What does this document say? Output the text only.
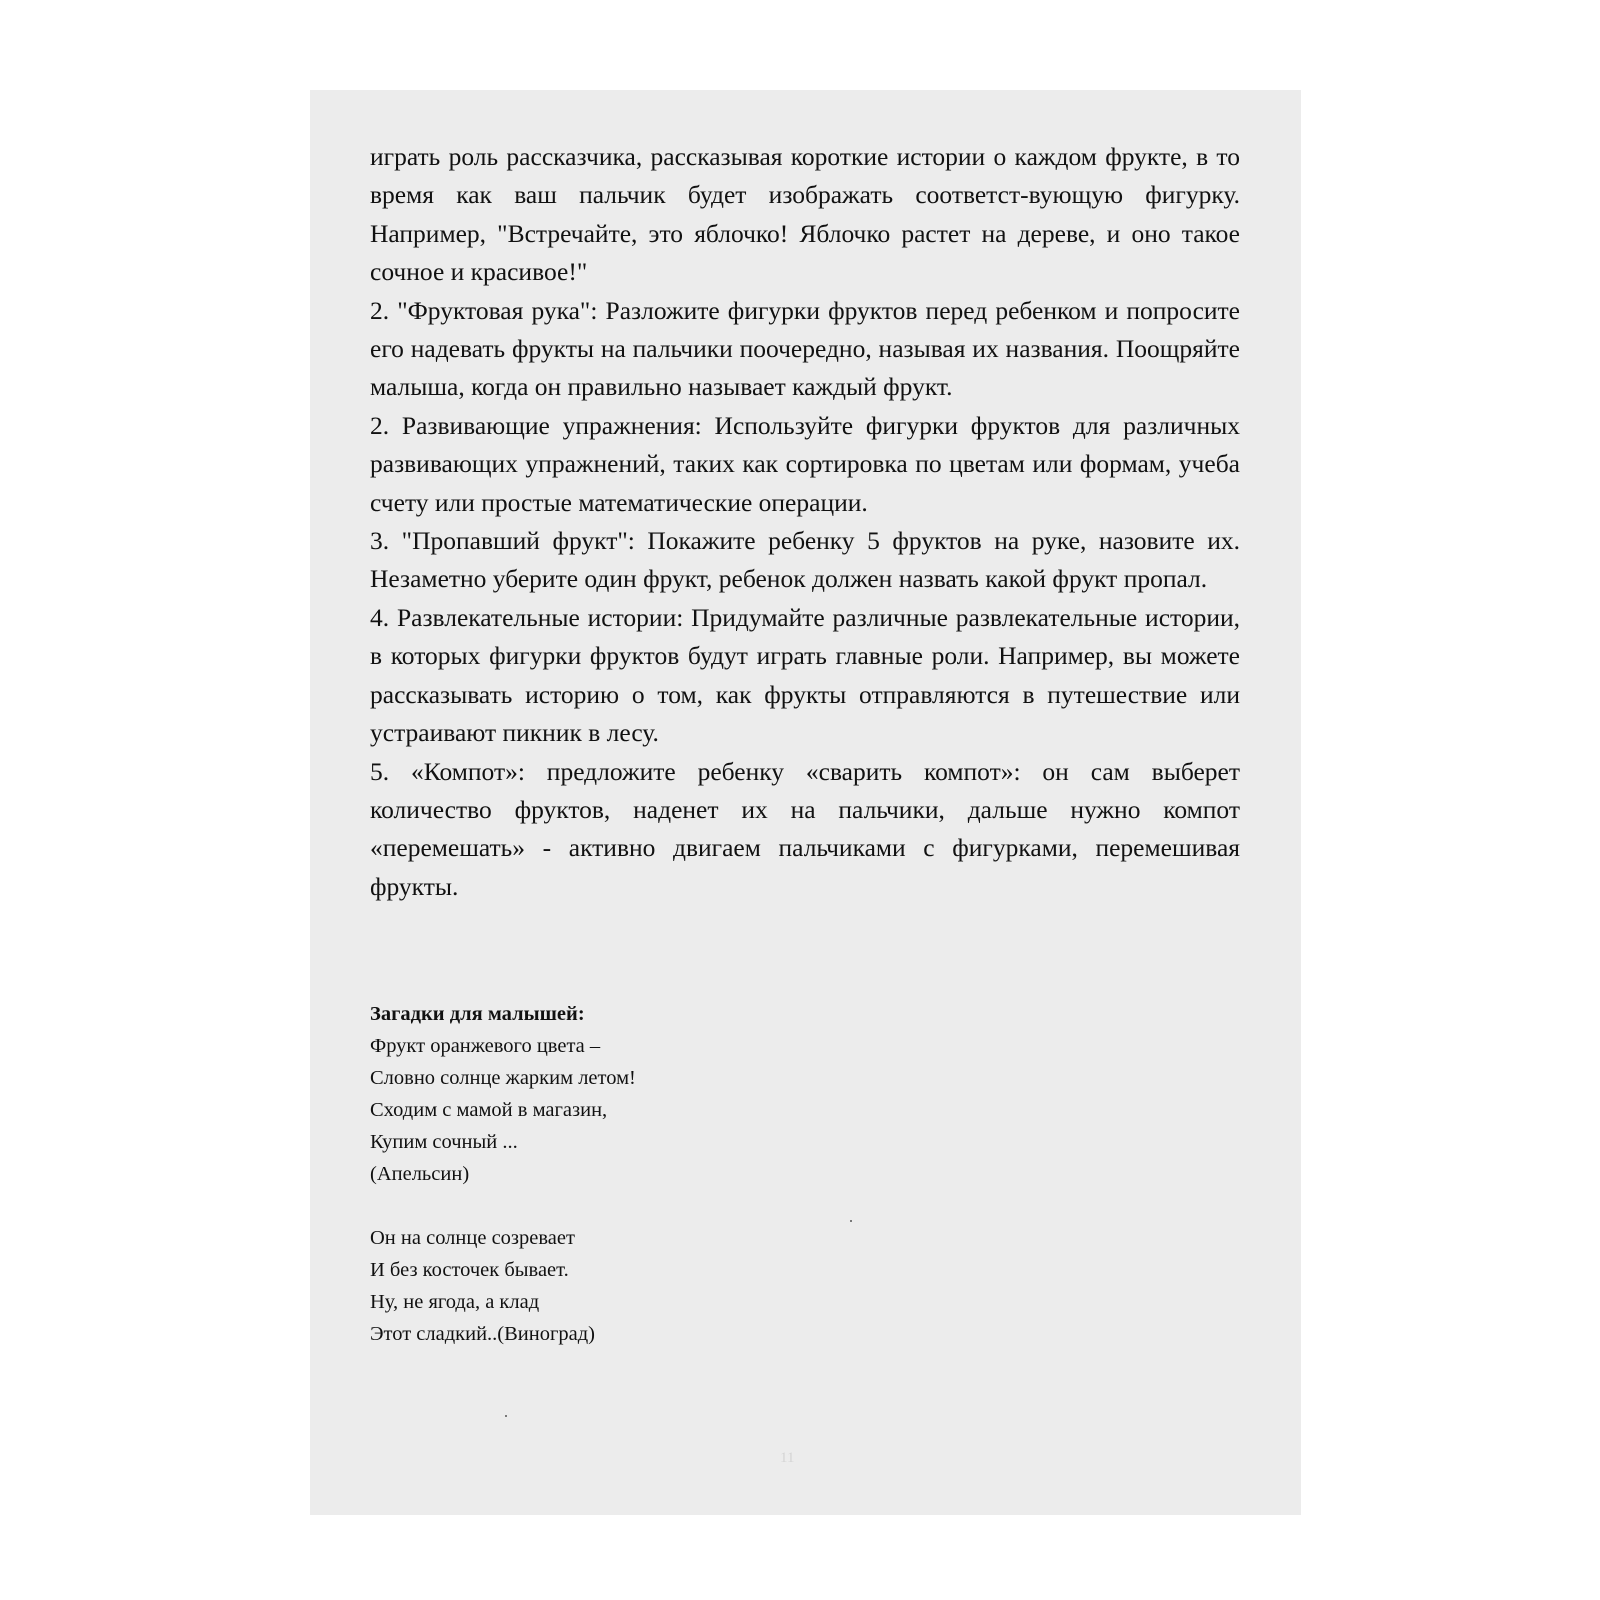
играть роль рассказчика, рассказывая короткие истории о каждом фрукте, в то время как ваш пальчик будет изображать соответст-вующую фигурку. Например, "Встречайте, это яблочко! Яблочко растет на дереве, и оно такое сочное и красивое!"

2. "Фруктовая рука": Разложите фигурки фруктов перед ребенком и попросите его надевать фрукты на пальчики поочередно, называя их названия. Поощряйте малыша, когда он правильно называет каждый фрукт.

2. Развивающие упражнения: Используйте фигурки фруктов для различных развивающих упражнений, таких как сортировка по цветам или формам, учеба счету или простые математические операции.

3. "Пропавший фрукт": Покажите ребенку 5 фруктов на руке, назовите их. Незаметно уберите один фрукт, ребенок должен назвать какой фрукт пропал.

4. Развлекательные истории: Придумайте различные развлекательные истории, в которых фигурки фруктов будут играть главные роли. Например, вы можете рассказывать историю о том, как фрукты отправляются в путешествие или устраивают пикник в лесу.

5. «Компот»: предложите ребенку «сварить компот»: он сам выберет количество фруктов, наденет их на пальчики, дальше нужно компот «перемешать» - активно двигаем пальчиками с фигурками, перемешивая фрукты.

Загадки для малышей:

Фрукт оранжевого цвета –
Словно солнце жарким летом!
Сходим с мамой в магазин,
Купим сочный ...
(Апельсин)

Он на солнце созревает
И без косточек бывает.
Ну, не ягода, а клад
Этот сладкий..(Виноград)

11
